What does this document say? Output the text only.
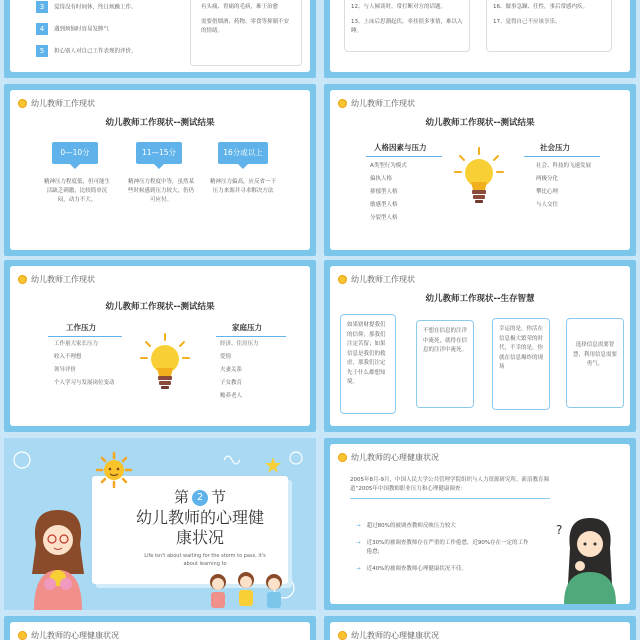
3 觉得没有时间休，终日烦躁工作。
4 遇到烦恼时容易发脾气
5 担心别人对自己工作表现的评价。
有头痛、胃痛的毛病，难于治愈
需要借烟酒、药物、零食等抑制不安的情绪。
12、与人倾谈时，常打断对方的话题。
13、上床后思潮起伏，牵挂很多事情，难以入睡。
16、做事急躁、任性，事后常感内疚。
17、觉得自己不应该享乐。
幼儿教师工作现状
幼儿教师工作现状--测试结果
0—10分	11—15分	16分或以上
精神压力程度低，但可能生活缺乏刺激，比较简单沉闷，动力不大。
精神压力程度中等，虽然某些时候感到压力较大，仍仍可应付。
精神压力偏高，应反省一下压力来源并寻求解决方法
幼儿教师工作现状
幼儿教师工作现状--测试结果
人格因素与压力
A类型行为模式
偏执人格
抑郁型人格
敏感型人格
分裂型人格
社会压力
社会、科技的飞速发展
两极分化
攀比心理
与人交往
幼儿教师工作现状
幼儿教师工作现状--测试结果
工作压力
工作量大家长压力
收入不理想
领导评价
个人学习与发展岗位变动
家庭压力
经济、住房压力
爱情
夫妻关系
子女教育
赡养老人
幼儿教师工作现状
幼儿教师工作现状--生存智慧
如果辖财提我们的信仰，那我们注定苦留；如果信息是我们的救虐，那我们注定先于什么都想知境。
不想在信息的注洋中淹死，就得在信息的注洋中淹死。
幸运的是，你活在信息极大繁荣的时代，不幸的是，你就在信息爆炸的现场
选择信息需要智慧，利用信息需要勇气。
第 2 节
幼儿教师的心理健康状况
Life isn't about waiting for the storm to pass, it's about learning to
幼儿教师的心理健康状况
2005年8月-9月，中国人民大学公共管理学院组织与人力资源研究所、新浪教育频道“2005年中国教师职业压力和心理健康调查：
→ 超过80%的被调查教师反映压力较大
→ 近30%的被调查教师存在严重的工作倦怠，近90%存在一定的工作倦怠;
→ 近40%的被调查教师心理健康状况不佳。
?
幼儿教师的心理健康状况	幼儿教师的心理健康状况
